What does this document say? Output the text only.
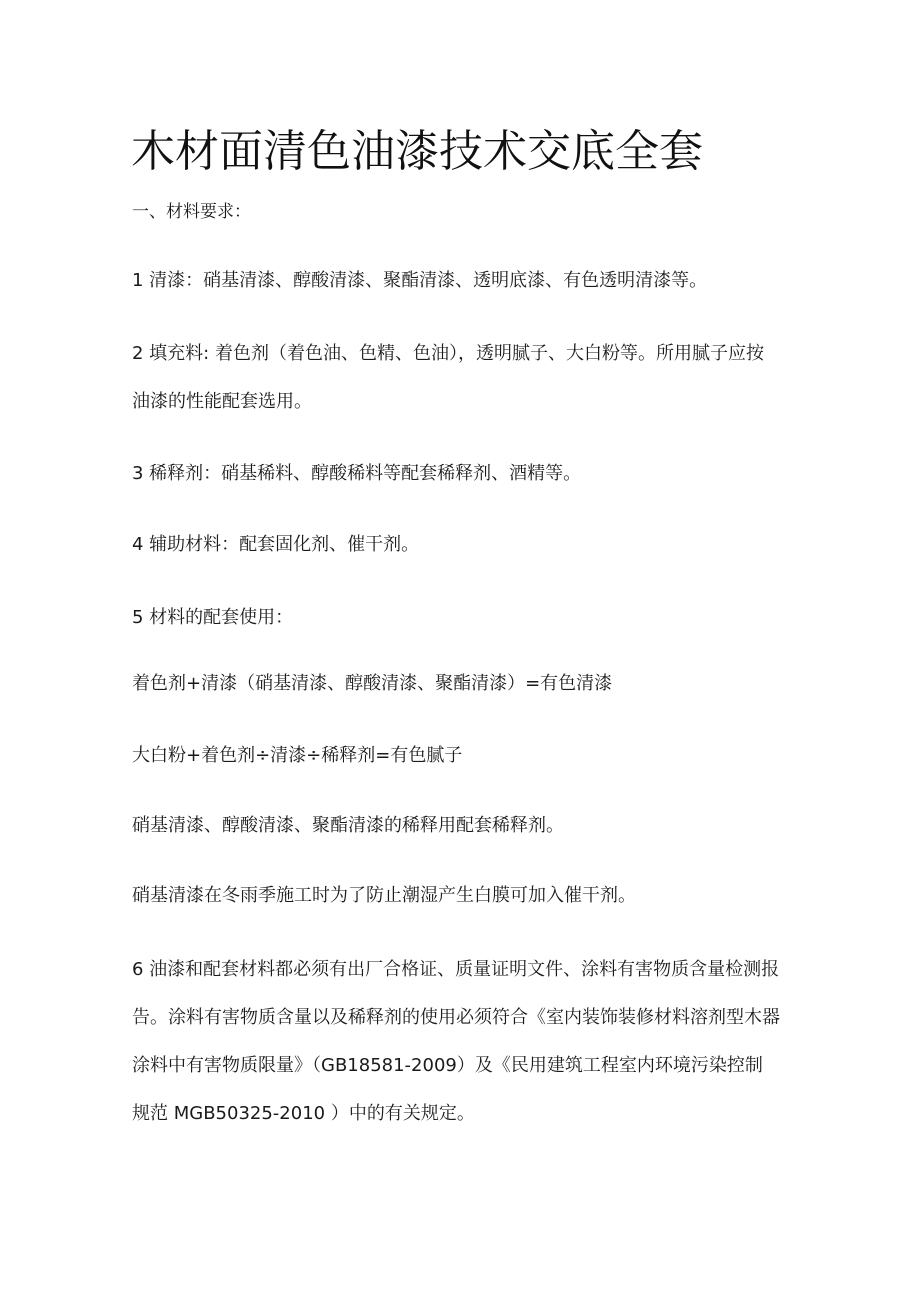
木材面清色油漆技术交底全套

一、材料要求：

1 清漆：硝基清漆、醇酸清漆、聚酯清漆、透明底漆、有色透明清漆等。

2 填充料: 着色剂（着色油、色精、色油），透明腻子、大白粉等。所用腻子应按

油漆的性能配套选用。

3 稀释剂：硝基稀料、醇酸稀料等配套稀释剂、酒精等。

4 辅助材料：配套固化剂、催干剂。

5 材料的配套使用：

着色剂+清漆（硝基清漆、醇酸清漆、聚酯清漆）=有色清漆

大白粉+着色剂÷清漆÷稀释剂=有色腻子

硝基清漆、醇酸清漆、聚酯清漆的稀释用配套稀释剂。

硝基清漆在冬雨季施工时为了防止潮湿产生白膜可加入催干剂。

6 油漆和配套材料都必须有出厂合格证、质量证明文件、涂料有害物质含量检测报

告。涂料有害物质含量以及稀释剂的使用必须符合《室内装饰装修材料溶剂型木器

涂料中有害物质限量》（GB18581-2009）及《民用建筑工程室内环境污染控制

规范 MGB50325-2010 ）中的有关规定。
